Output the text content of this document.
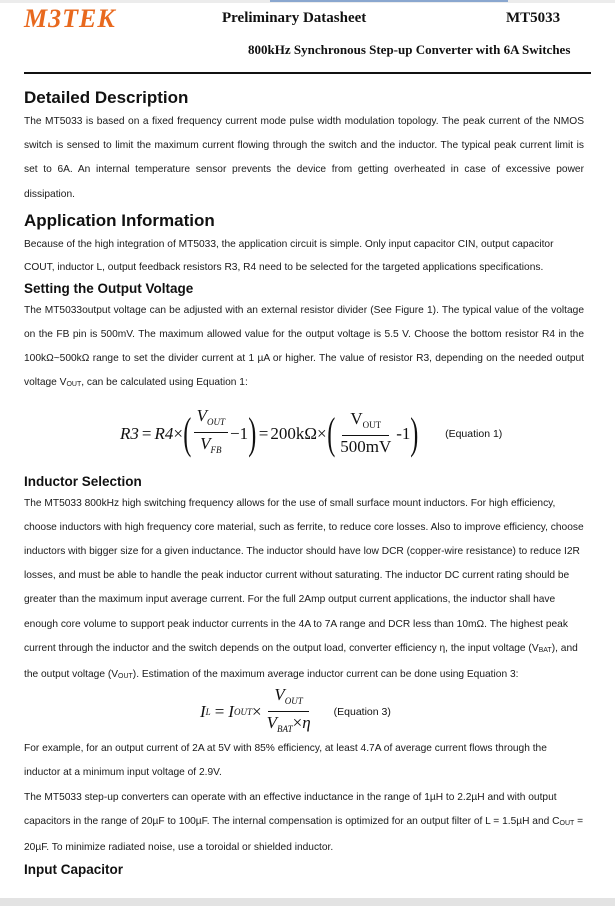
M3TEK	Preliminary Datasheet	MT5033
800kHz Synchronous Step-up Converter with 6A Switches
Detailed Description

The MT5033 is based on a fixed frequency current mode pulse width modulation topology. The peak current of the NMOS switch is sensed to limit the maximum current flowing through the switch and the inductor. The typical peak current limit is set to 6A. An internal temperature sensor prevents the device from getting overheated in case of excessive power dissipation.

Application Information

Because of the high integration of MT5033, the application circuit is simple. Only input capacitor CIN, output capacitor COUT, inductor L, output feedback resistors R3, R4 need to be selected for the targeted applications specifications.

Setting the Output Voltage

The MT5033output voltage can be adjusted with an external resistor divider (See Figure 1). The typical value of the voltage on the FB pin is 500mV. The maximum allowed value for the output voltage is 5.5 V. Choose the bottom resistor R4 in the 100kΩ~500kΩ range to set the divider current at 1 µA or higher. The value of resistor R3, depending on the needed output voltage $V_{OUT}$, can be calculated using Equation 1:

R3 = R4 × ( $\frac{V_{OUT}}{V_{FB}} -1$ ) = 200kΩ × ( $\frac{V_{OUT}}{500mV} -1$ )	(Equation 1)
Inductor Selection

The MT5033 800kHz high switching frequency allows for the use of small surface mount inductors. For high efficiency, choose inductors with high frequency core material, such as ferrite, to reduce core losses. Also to improve efficiency, choose inductors with bigger size for a given inductance. The inductor should have low DCR (copper-wire resistance) to reduce I2R losses, and must be able to handle the peak inductor current without saturating. The inductor DC current rating should be greater than the maximum input average current. For the full 2Amp output current applications, the inductor shall have enough core volume to support peak inductor currents in the 4A to 7A range and DCR less than 10mΩ. The highest peak current through the inductor and the switch depends on the output load, converter efficiency η, the input voltage $(V_{BAT})$, and the output voltage $(V_{OUT})$. Estimation of the maximum average inductor current can be done using Equation 3:

I L = I OUT × $\frac{V_{OUT}}{V_{BAT}\times\eta}$ (Equation 3)

For example, for an output current of 2A at 5V with 85% efficiency, at least 4.7A of average current flows through the inductor at a minimum input voltage of 2.9V.

The MT5033 step-up converters can operate with an effective inductance in the range of 1µH to 2.2µH and with output capacitors in the range of 20µF to 100µF. The internal compensation is optimized for an output filter of L = 1.5µH and $C_{OUT} = 20\mu F$. To minimize radiated noise, use a toroidal or shielded inductor.

Input Capacitor
